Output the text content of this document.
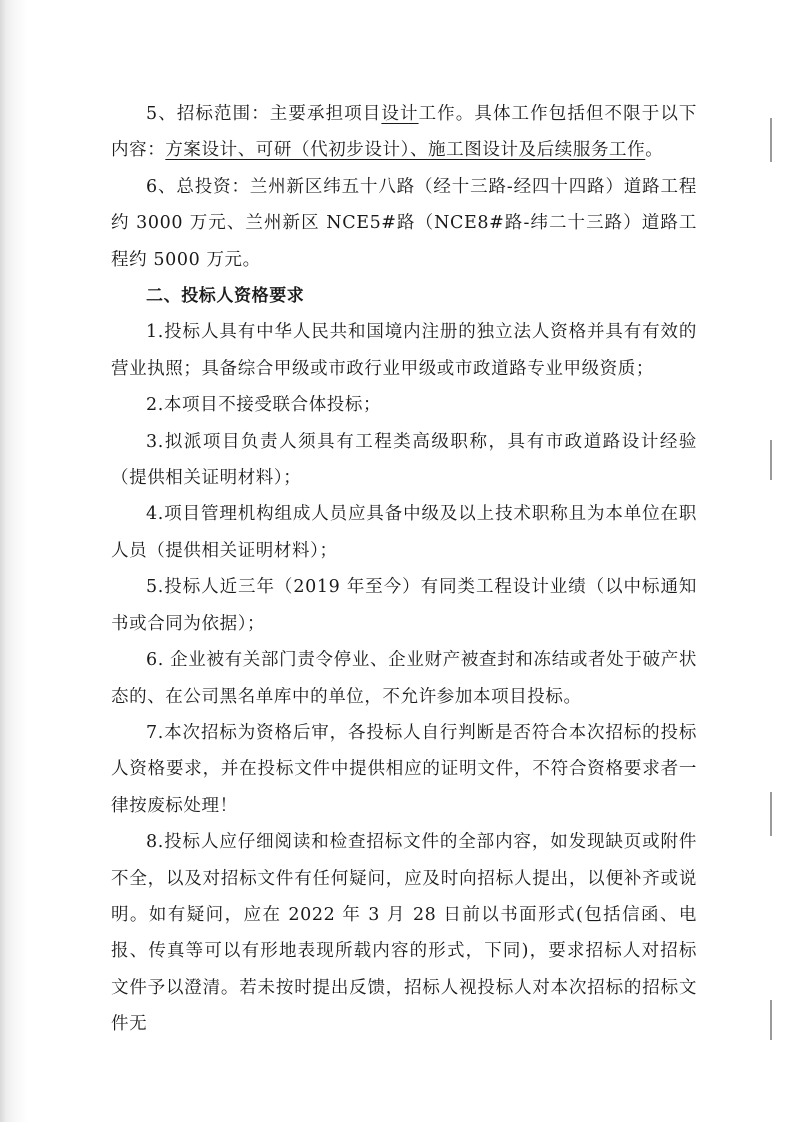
5、招标范围：主要承担项目设计工作。具体工作包括但不限于以下内容：方案设计、可研（代初步设计）、施工图设计及后续服务工作。

6、总投资：兰州新区纬五十八路（经十三路-经四十四路）道路工程约 3000 万元、兰州新区 NCE5#路（NCE8#路-纬二十三路）道路工程约 5000 万元。

二、投标人资格要求

1.投标人具有中华人民共和国境内注册的独立法人资格并具有有效的营业执照；具备综合甲级或市政行业甲级或市政道路专业甲级资质；

2.本项目不接受联合体投标；

3.拟派项目负责人须具有工程类高级职称，具有市政道路设计经验（提供相关证明材料）；

4.项目管理机构组成人员应具备中级及以上技术职称且为本单位在职人员（提供相关证明材料）；

5.投标人近三年（2019 年至今）有同类工程设计业绩（以中标通知书或合同为依据）；

6. 企业被有关部门责令停业、企业财产被查封和冻结或者处于破产状态的、在公司黑名单库中的单位，不允许参加本项目投标。

7.本次招标为资格后审，各投标人自行判断是否符合本次招标的投标人资格要求，并在投标文件中提供相应的证明文件，不符合资格要求者一律按废标处理！

8.投标人应仔细阅读和检查招标文件的全部内容，如发现缺页或附件不全，以及对招标文件有任何疑问，应及时向招标人提出，以便补齐或说明。如有疑问，应在 2022 年 3 月 28 日前以书面形式(包括信函、电报、传真等可以有形地表现所载内容的形式，下同)，要求招标人对招标文件予以澄清。若未按时提出反馈，招标人视投标人对本次招标的招标文件无
